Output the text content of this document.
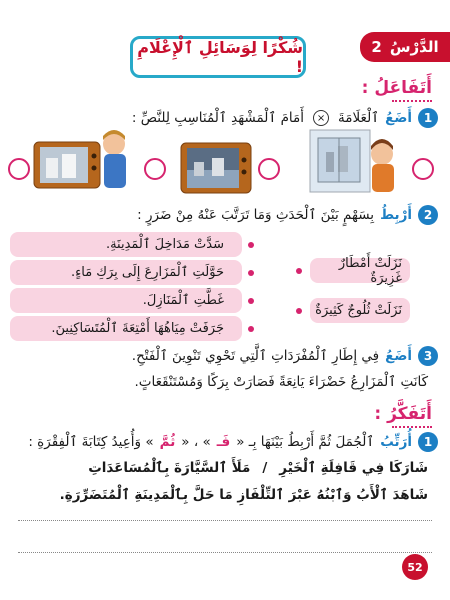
الدَّرْسُ
2
شُكْرًا لِوَسَائِلِ ٱلْإِعْلَامِ !
أَتَفَاعَلُ :
1
أَضَعُ
ٱلْعَلَامَةَ
×
أَمَامَ ٱلْمَشْهَدِ ٱلْمُنَاسِبِ لِلنَّصِّ :
2
أَرْبِطُ
بِسَهْمٍ بَيْنَ ٱلْحَدَثِ وَمَا تَرَتَّبَ عَنْهُ مِنْ ضَرَرٍ :
سَدَّتْ مَدَاخِلَ ٱلْمَدِينَةِ.
حَوَّلَتِ ٱلْمَزَارِعَ إِلَى بِرَكِ مَاءٍ.
غَطَّتِ ٱلْمَنَازِلَ.
جَرَفَتْ مِيَاهُهَا أَمْتِعَةَ ٱلْمُتَسَاكِنِينَ.
نَزَلَتْ أَمْطَارٌ غَزِيرَةٌ
نَزَلَتْ ثُلُوجٌ كَثِيرَةٌ
3
أَضَعُ
فِي إِطَارِ ٱلْمُفْرَدَاتِ ٱلَّتِي تَحْوِي تَنْوِينَ ٱلْفَتْحِ.
كَانَتِ ٱلْمَزَارِعُ خَضْرَاءَ يَانِعَةً فَصَارَتْ بِرَكًا وَمُسْتَنْقَعَاتٍ.
أَتَفَكَّرُ :
1
أُرَتِّبُ
ٱلْجُمَلَ ثُمَّ أَرْبِطُ بَيْنَهَا بِـ «
فَـ
» ، «
ثُمَّ
» وَأُعِيدُ كِتَابَةَ ٱلْفِقْرَةِ :
شَارَكَا فِي قَافِلَةِ ٱلْخَيْرِ
/
مَلَأَ ٱلسَّيَّارَةَ بِٱلْمُسَاعَدَاتِ
شَاهَدَ ٱلْأَبُ وَٱبْنُهُ عَبْرَ ٱلتِّلْفَازِ مَا حَلَّ بِٱلْمَدِينَةِ ٱلْمُتَضَرِّرَةِ.
52
